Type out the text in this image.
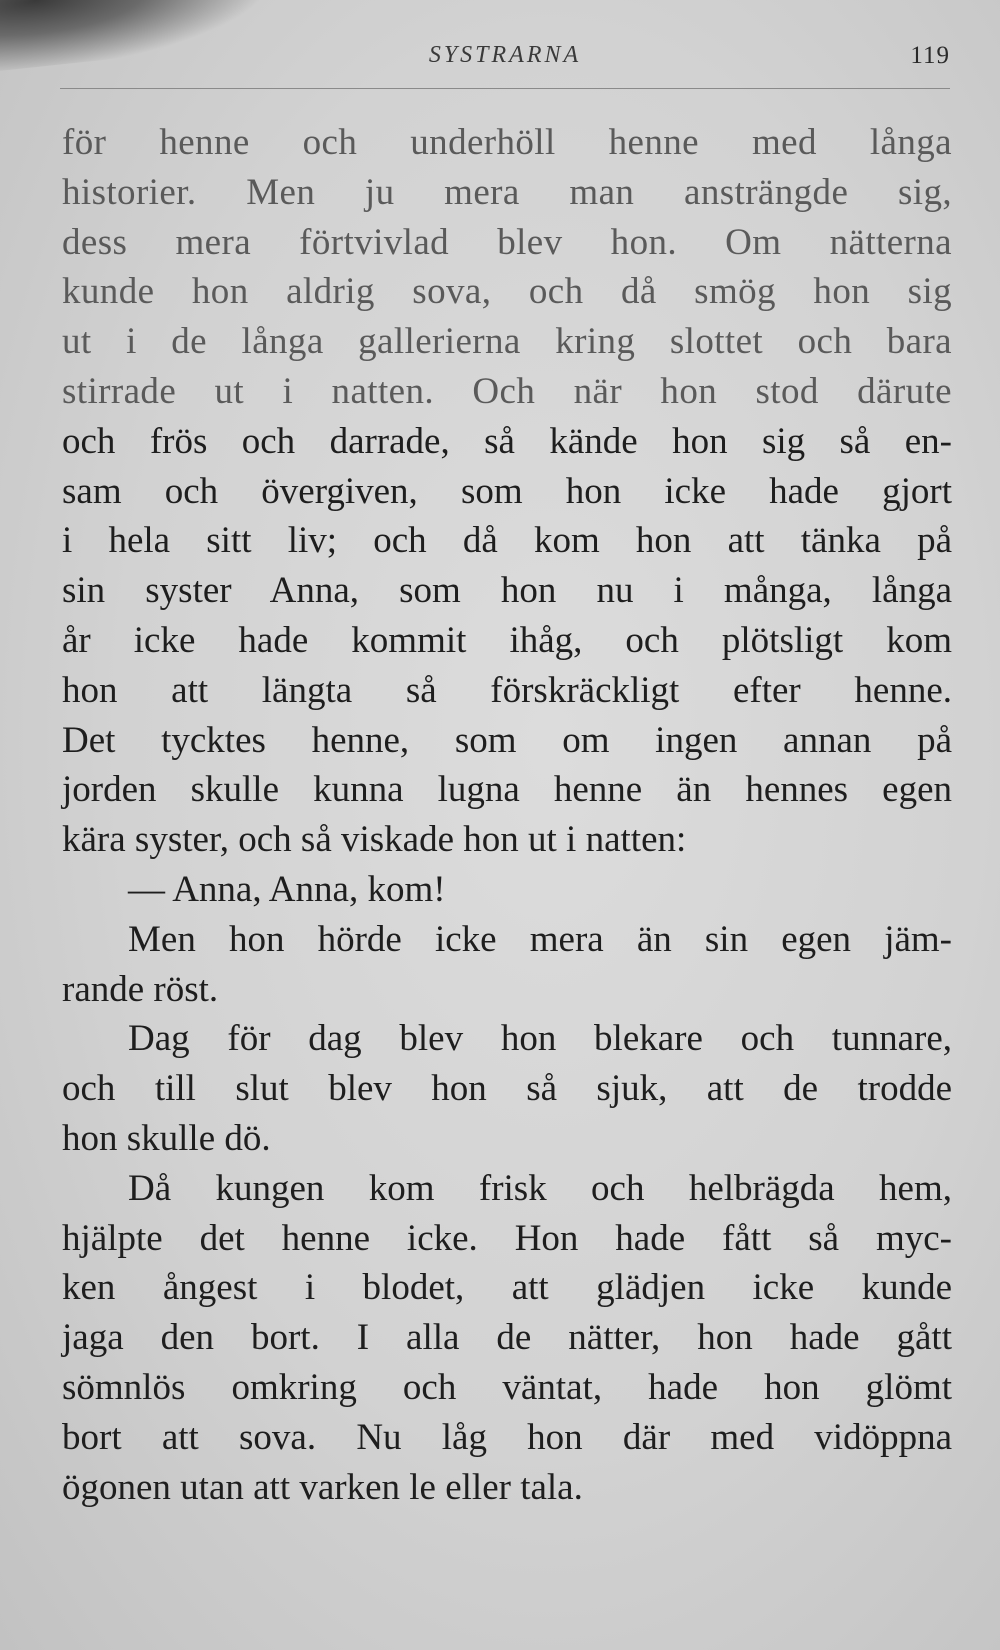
SYSTRARNA	119
för henne och underhöll henne med långa
historier. Men ju mera man ansträngde sig,
dess mera förtvivlad blev hon. Om nätterna
kunde hon aldrig sova, och då smög hon sig
ut i de långa gallerierna kring slottet och bara
stirrade ut i natten. Och när hon stod därute
och frös och darrade, så kände hon sig så en-
sam och övergiven, som hon icke hade gjort
i hela sitt liv; och då kom hon att tänka på
sin syster Anna, som hon nu i många, långa
år icke hade kommit ihåg, och plötsligt kom
hon att längta så förskräckligt efter henne.
Det tycktes henne, som om ingen annan på
jorden skulle kunna lugna henne än hennes egen
kära syster, och så viskade hon ut i natten:
— Anna, Anna, kom!
Men hon hörde icke mera än sin egen jäm-
rande röst.
Dag för dag blev hon blekare och tunnare,
och till slut blev hon så sjuk, att de trodde
hon skulle dö.
Då kungen kom frisk och helbrägda hem,
hjälpte det henne icke. Hon hade fått så myc-
ken ångest i blodet, att glädjen icke kunde
jaga den bort. I alla de nätter, hon hade gått
sömnlös omkring och väntat, hade hon glömt
bort att sova. Nu låg hon där med vidöppna
ögonen utan att varken le eller tala.
